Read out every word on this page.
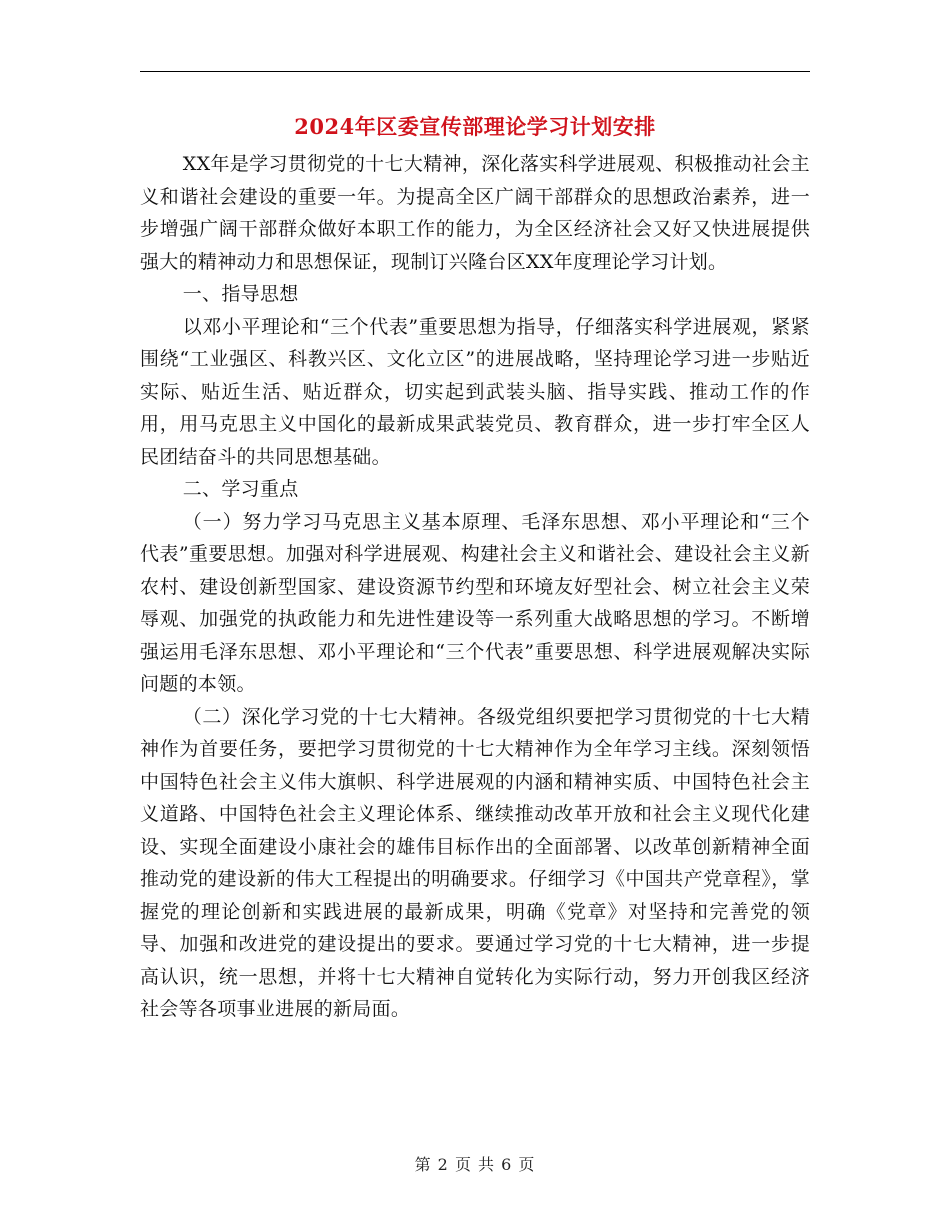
2024年区委宣传部理论学习计划安排

XX年是学习贯彻党的十七大精神，深化落实科学进展观、积极推动社会主义和谐社会建设的重要一年。为提高全区广阔干部群众的思想政治素养，进一步增强广阔干部群众做好本职工作的能力，为全区经济社会又好又快进展提供强大的精神动力和思想保证，现制订兴隆台区XX年度理论学习计划。

一、指导思想

以邓小平理论和“三个代表”重要思想为指导，仔细落实科学进展观，紧紧围绕“工业强区、科教兴区、文化立区”的进展战略，坚持理论学习进一步贴近实际、贴近生活、贴近群众，切实起到武装头脑、指导实践、推动工作的作用，用马克思主义中国化的最新成果武装党员、教育群众，进一步打牢全区人民团结奋斗的共同思想基础。

二、学习重点

（一）努力学习马克思主义基本原理、毛泽东思想、邓小平理论和“三个代表”重要思想。加强对科学进展观、构建社会主义和谐社会、建设社会主义新农村、建设创新型国家、建设资源节约型和环境友好型社会、树立社会主义荣辱观、加强党的执政能力和先进性建设等一系列重大战略思想的学习。不断增强运用毛泽东思想、邓小平理论和“三个代表”重要思想、科学进展观解决实际问题的本领。

（二）深化学习党的十七大精神。各级党组织要把学习贯彻党的十七大精神作为首要任务，要把学习贯彻党的十七大精神作为全年学习主线。深刻领悟中国特色社会主义伟大旗帜、科学进展观的内涵和精神实质、中国特色社会主义道路、中国特色社会主义理论体系、继续推动改革开放和社会主义现代化建设、实现全面建设小康社会的雄伟目标作出的全面部署、以改革创新精神全面推动党的建设新的伟大工程提出的明确要求。仔细学习《中国共产党章程》，掌握党的理论创新和实践进展的最新成果，明确《党章》对坚持和完善党的领导、加强和改进党的建设提出的要求。要通过学习党的十七大精神，进一步提高认识，统一思想，并将十七大精神自觉转化为实际行动，努力开创我区经济社会等各项事业进展的新局面。

第 2 页 共 6 页
